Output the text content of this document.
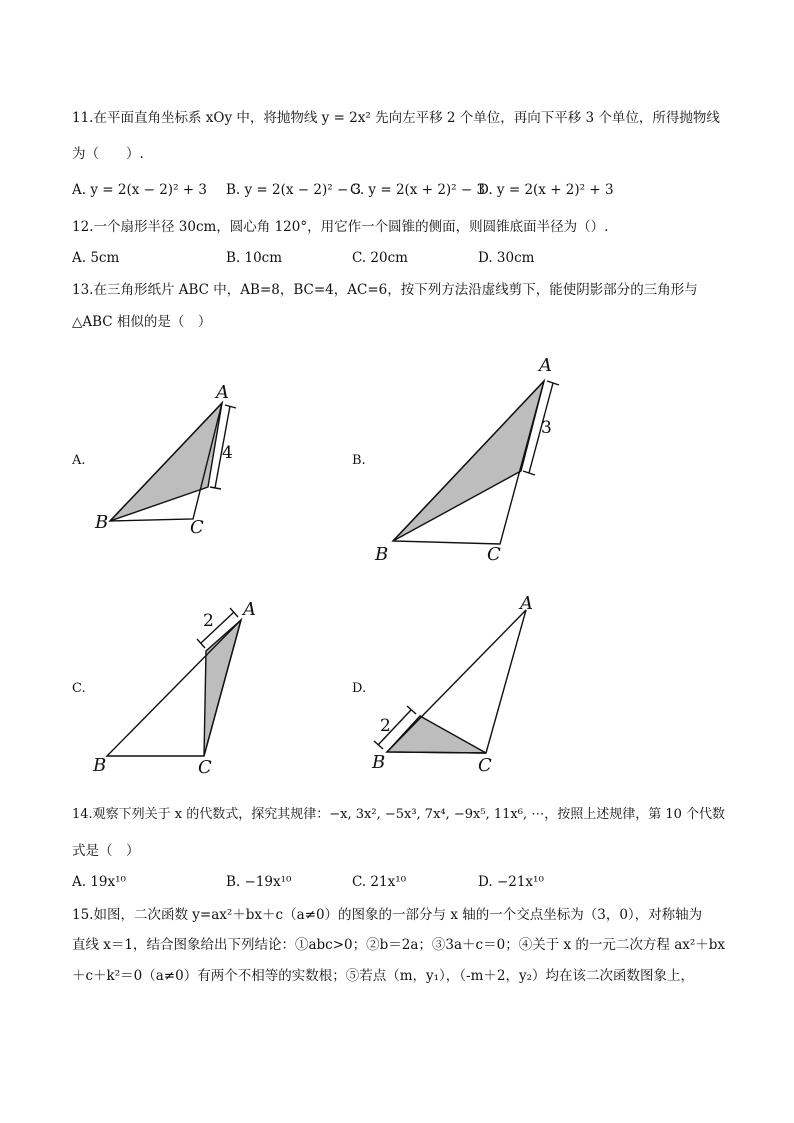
11.在平面直角坐标系 xOy 中，将抛物线 y = 2x² 先向左平移 2 个单位，再向下平移 3 个单位，所得抛物线
为（　　）.
A. y = 2(x − 2)² + 3 B. y = 2(x − 2)² − 3
C. y = 2(x + 2)² − 3
D. y = 2(x + 2)² + 3
12.一个扇形半径 30cm，圆心角 120°，用它作一个圆锥的侧面，则圆锥底面半径为（）.
A. 5cm	B. 10cm	C. 20cm	D. 30cm
13.在三角形纸片 ABC 中，AB=8，BC=4，AC=6，按下列方法沿虚线剪下，能使阴影部分的三角形与
△ABC 相似的是（　）
A.	B.
C.	D.
A
B	C
4
A
B	C
3
A
B	C
2
A
B	C
2
14.观察下列关于 x 的代数式，探究其规律：−x, 3x², −5x³, 7x⁴, −9x⁵, 11x⁶, ⋯，按照上述规律，第 10 个代数
式是（　）
A. 19x¹⁰	B. −19x¹⁰	C. 21x¹⁰	D. −21x¹⁰
15.如图，二次函数 y=ax²＋bx＋c（a≠0）的图象的一部分与 x 轴的一个交点坐标为（3，0），对称轴为
直线 x＝1，结合图象给出下列结论：①abc>0；②b＝2a；③3a＋c＝0；④关于 x 的一元二次方程 ax²＋bx
＋c＋k²＝0（a≠0）有两个不相等的实数根；⑤若点（m，y₁），（-m＋2，y₂）均在该二次函数图象上，
